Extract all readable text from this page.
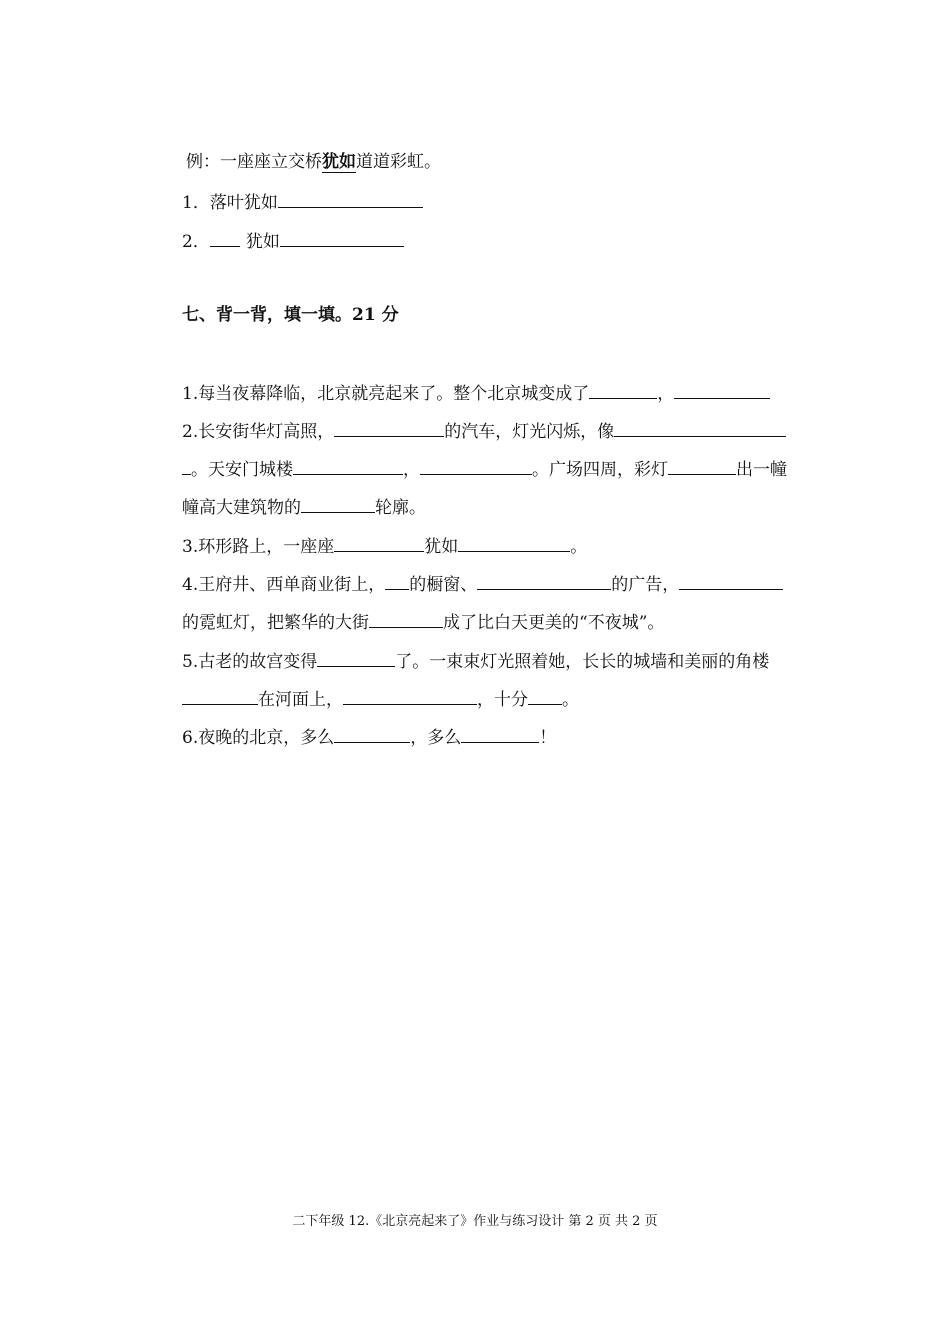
例：一座座立交桥犹如道道彩虹。
1．落叶犹如
2． 犹如
七、背一背，填一填。21 分
1.每当夜幕降临，北京就亮起来了。整个北京城变成了	，
2.长安街华灯高照，	的汽车，灯光闪烁，像
。天安门城楼	，	。广场四周，彩灯	出一幢
幢高大建筑物的	轮廓。
3.环形路上，一座座	犹如	。
4.王府井、西单商业街上， 的橱窗、	的广告，
的霓虹灯，把繁华的大街	成了比白天更美的“不夜城”。
5.古老的故宫变得	了。一束束灯光照着她，长长的城墙和美丽的角楼
在河面上，	，十分 。
6.夜晚的北京，多么	，多么	！
二下年级 12.《北京亮起来了》作业与练习设计 第 2 页 共 2 页
